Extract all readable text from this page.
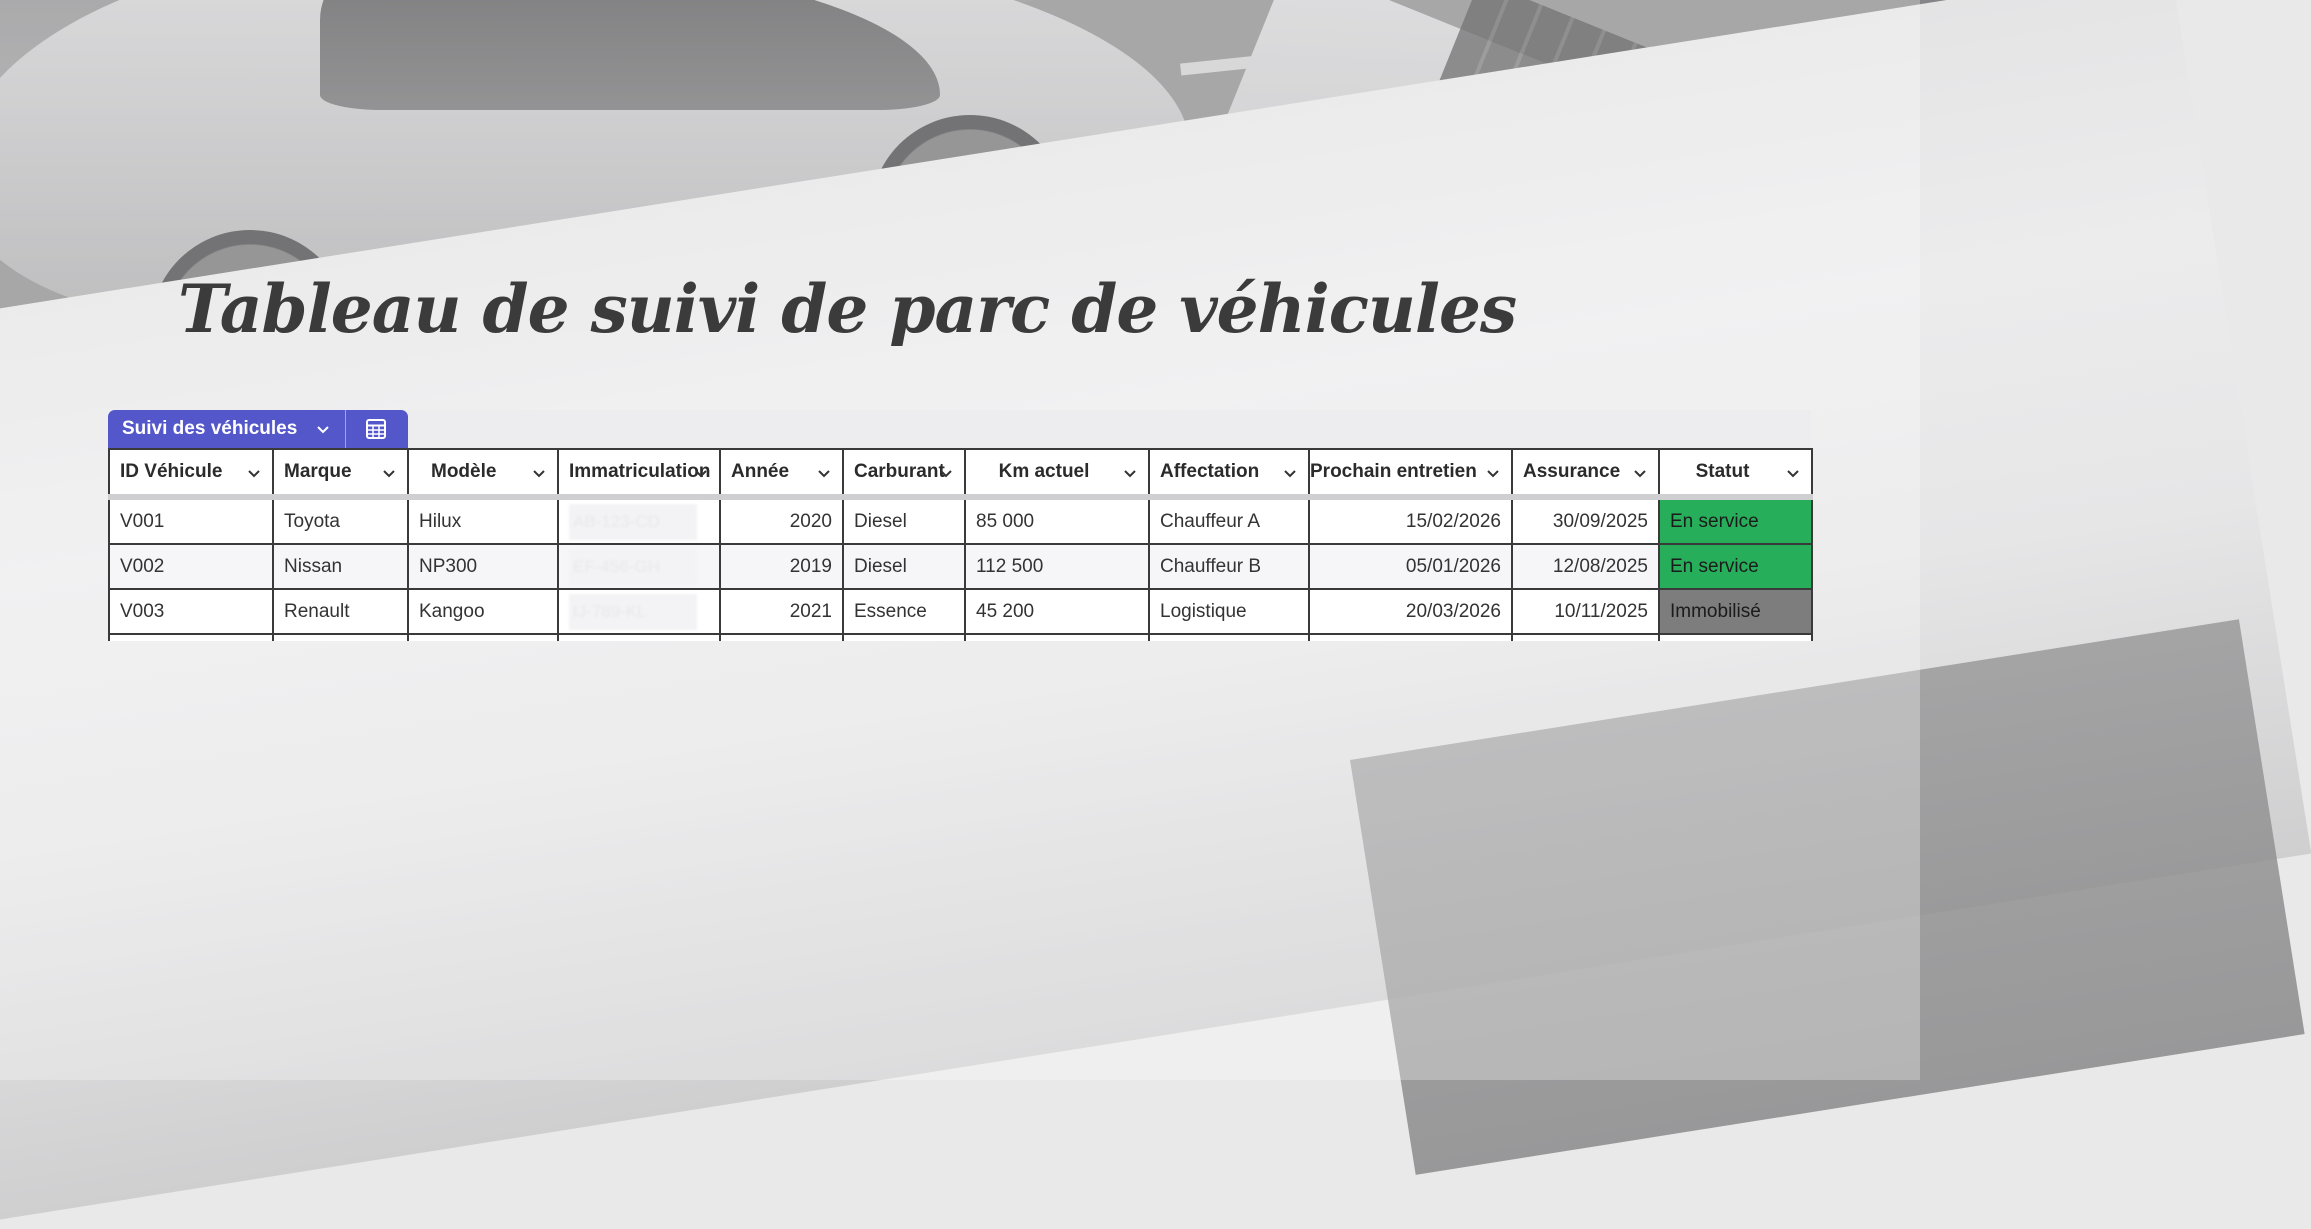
Tableau de suivi de parc de véhicules
Suivi des véhicules
ID Véhicule	Marque	Modèle	Immatriculation	Année	Carburant	Km actuel	Affectation	Prochain entretien	Assurance	Statut

V001	Toyota	Hilux	AB-123-CD	2020	Diesel	85 000	Chauffeur A	15/02/2026	30/09/2025	En service
V002	Nissan	NP300	EF-456-GH	2019	Diesel	112 500	Chauffeur B	05/01/2026	12/08/2025	En service
V003	Renault	Kangoo	IJ-789-KL	2021	Essence	45 200	Logistique	20/03/2026	10/11/2025	Immobilisé
